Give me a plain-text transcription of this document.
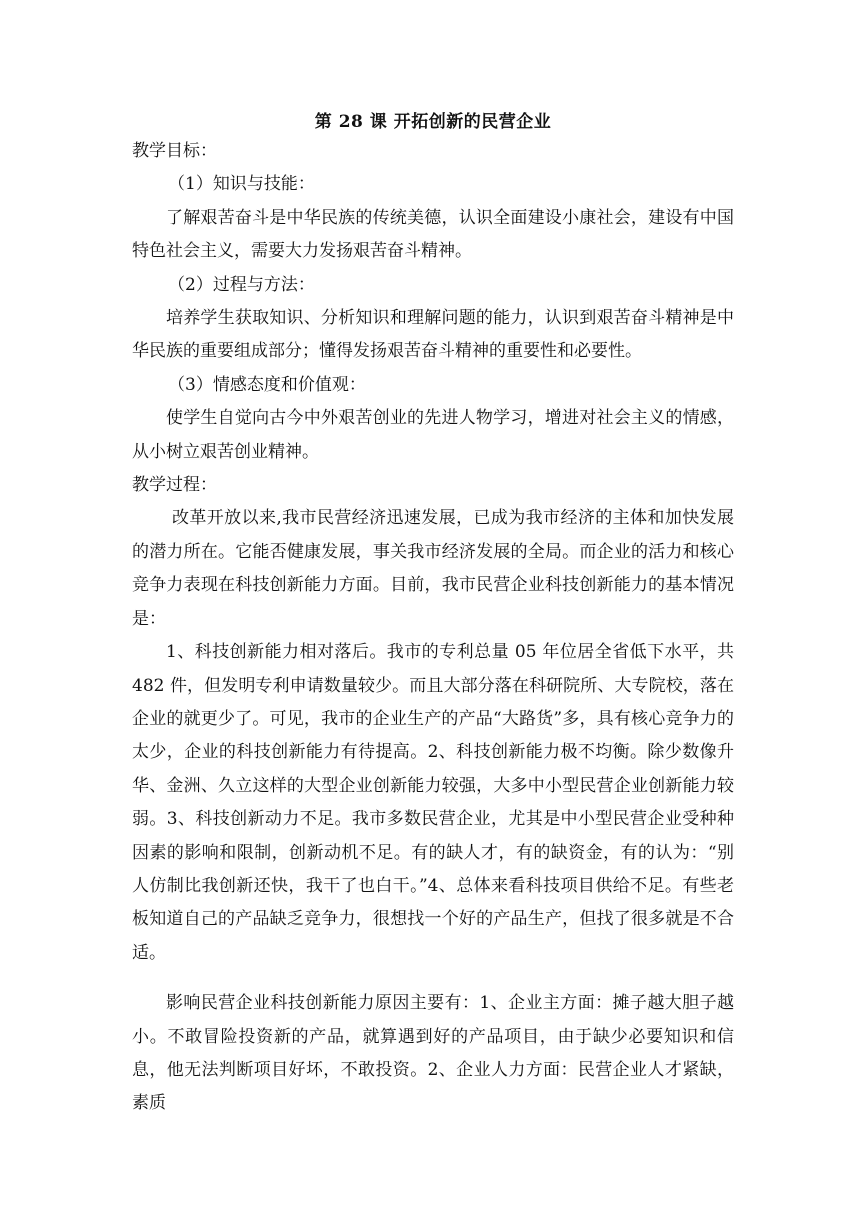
第 28 课 开拓创新的民营企业

教学目标：

（1）知识与技能：

了解艰苦奋斗是中华民族的传统美德，认识全面建设小康社会，建设有中国特色社会主义，需要大力发扬艰苦奋斗精神。

（2）过程与方法：

培养学生获取知识、分析知识和理解问题的能力，认识到艰苦奋斗精神是中华民族的重要组成部分；懂得发扬艰苦奋斗精神的重要性和必要性。

（3）情感态度和价值观：

使学生自觉向古今中外艰苦创业的先进人物学习，增进对社会主义的情感，从小树立艰苦创业精神。

教学过程：

改革开放以来,我市民营经济迅速发展，已成为我市经济的主体和加快发展的潜力所在。它能否健康发展，事关我市经济发展的全局。而企业的活力和核心竞争力表现在科技创新能力方面。目前，我市民营企业科技创新能力的基本情况是：

1、科技创新能力相对落后。我市的专利总量 05 年位居全省低下水平，共 482 件，但发明专利申请数量较少。而且大部分落在科研院所、大专院校，落在企业的就更少了。可见，我市的企业生产的产品“大路货”多，具有核心竞争力的太少，企业的科技创新能力有待提高。2、科技创新能力极不均衡。除少数像升华、金洲、久立这样的大型企业创新能力较强，大多中小型民营企业创新能力较弱。3、科技创新动力不足。我市多数民营企业，尤其是中小型民营企业受种种因素的影响和限制，创新动机不足。有的缺人才，有的缺资金，有的认为：“别人仿制比我创新还快，我干了也白干。”4、总体来看科技项目供给不足。有些老板知道自己的产品缺乏竞争力，很想找一个好的产品生产，但找了很多就是不合适。

影响民营企业科技创新能力原因主要有：1、企业主方面：摊子越大胆子越小。不敢冒险投资新的产品，就算遇到好的产品项目，由于缺少必要知识和信息，他无法判断项目好坏，不敢投资。2、企业人力方面：民营企业人才紧缺，素质
